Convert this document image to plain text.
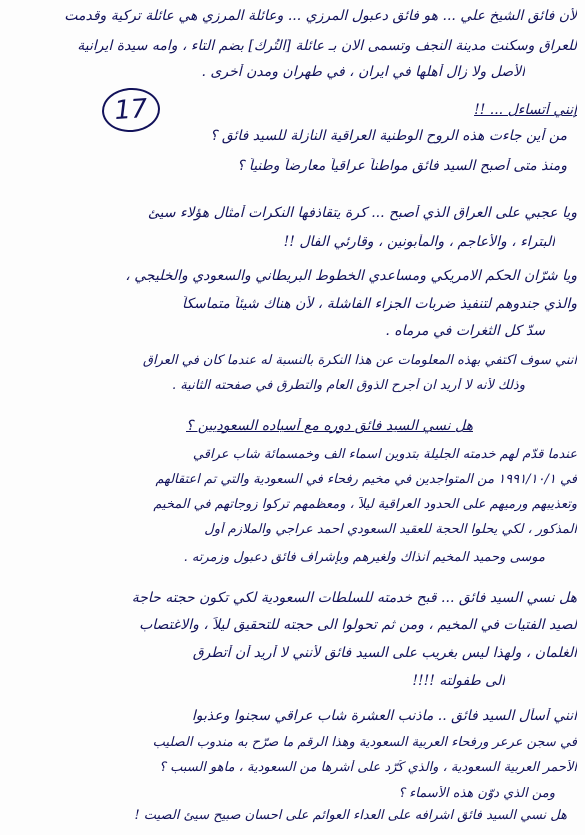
17
لأن فائق الشيخ علي ... هو فائق دعبول المرزي ... وعائلة المرزي هي عائلة تركية وقدمت
للعراق وسكنت مدينة النجف وتسمى الان بـ عائلة [التُرك] بضم التاء ، وامه سيدة ايرانية
الأصل ولا زال أهلها في ايران ، في طهران ومدن أخرى .
إنني أتساءل ... !!
من أين جاءت هذه الروح الوطنية العراقية النازلة للسيد فائق ؟
ومنذ متى أصبح السيد فائق مواطناً عراقياً معارضاً وطنياً ؟
ويا عجبي على العراق الذي أصبح ... كرة يتقاذفها النكرات أمثال هؤلاء سيئ
البتراء ، والأعاجم ، والمأبونين ، وقارئي الفال !!
ويا شرّان الحكم الامريكي ومساعدي الخطوط البريطاني والسعودي والخليجي ،
والذي جندوهم لتنفيذ ضربات الجزاء الفاشلة ، لأن هناك شيئاً متماسكاً
سدّ كل الثغرات في مرماه .
انني سوف اكتفي بهذه المعلومات عن هذا النكرة بالنسبة له عندما كان في العراق
وذلك لأنه لا أريد ان أجرح الذوق العام والتطرق في صفحته الثانية .
هل نسي السيد فائق دوره مع أسياده السعوديين ؟
عندما قدّم لهم خدمته الجليلة بتدوين اسماء الف وخمسمائة شاب عراقي
في ١٩٩١/١٠/١ من المتواجدين في مخيم رفحاء في السعودية والتي تم اعتقالهم
وتعذيبهم ورميهم على الحدود العراقية ليلاً ، ومعظمهم تركوا زوجاتهم في المخيم
المذكور ، لكي يحلوا الحجة للعقيد السعودي احمد عراجي والملازم أول
موسى وحميد المخيم آنذاك ولغيرهم وبإشراف فائق دعبول وزمرته .
هل نسي السيد فائق ... قبح خدمته للسلطات السعودية لكي تكون حجته حاجة
لصيد الفتيات في المخيم ، ومن ثم تحولوا الى حجته للتحقيق ليلاً ، والاغتصاب
الغلمان ، ولهذا ليس بغريب على السيد فائق لأنني لا أريد أن أتطرق
الى طفولته !!!!
انني أسأل السيد فائق .. ماذنب العشرة شاب عراقي سجنوا وعذبوا
في سجن عرعر ورفحاء العربية السعودية وهذا الرقم ما صرّح به مندوب الصليب
الأحمر العربية السعودية ، والذي كُرّد على أشرها من السعودية ، ماهو السبب ؟
ومن الذي دوّن هذه الأسماء ؟
هل نسي السيد فائق اشرافه على العداء العوائم على احسان صبيح سيئ الصيت !
